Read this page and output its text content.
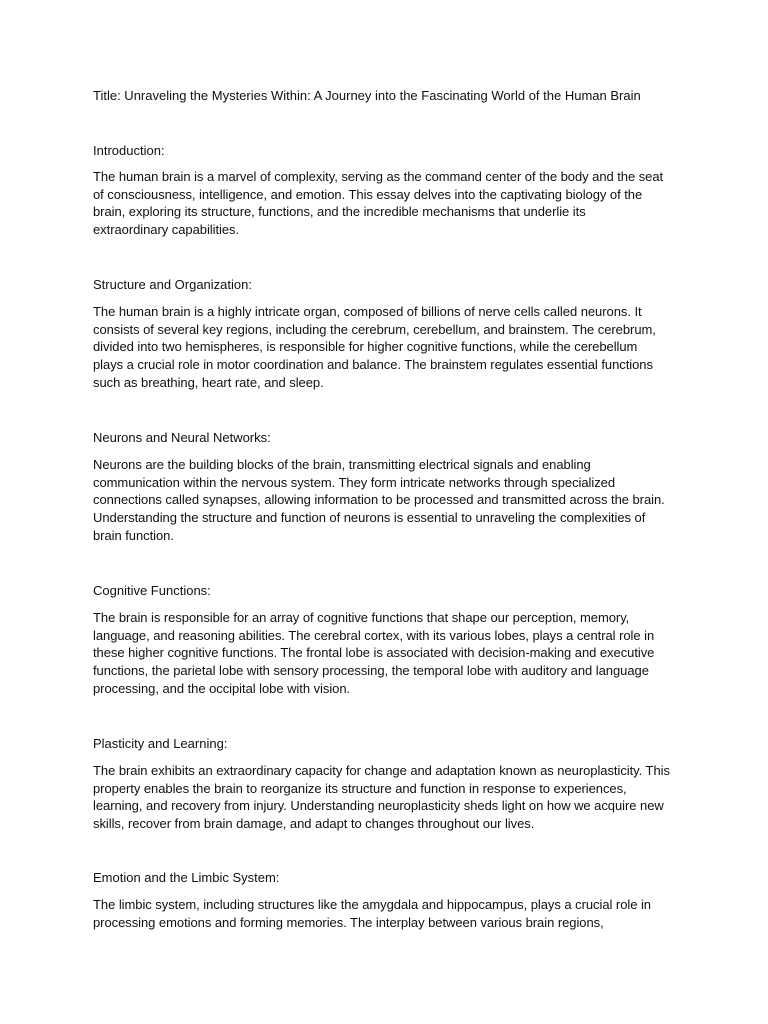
Title: Unraveling the Mysteries Within: A Journey into the Fascinating World of the Human Brain

Introduction:

The human brain is a marvel of complexity, serving as the command center of the body and the seat
of consciousness, intelligence, and emotion. This essay delves into the captivating biology of the
brain, exploring its structure, functions, and the incredible mechanisms that underlie its
extraordinary capabilities.

Structure and Organization:

The human brain is a highly intricate organ, composed of billions of nerve cells called neurons. It
consists of several key regions, including the cerebrum, cerebellum, and brainstem. The cerebrum,
divided into two hemispheres, is responsible for higher cognitive functions, while the cerebellum
plays a crucial role in motor coordination and balance. The brainstem regulates essential functions
such as breathing, heart rate, and sleep.

Neurons and Neural Networks:

Neurons are the building blocks of the brain, transmitting electrical signals and enabling
communication within the nervous system. They form intricate networks through specialized
connections called synapses, allowing information to be processed and transmitted across the brain.
Understanding the structure and function of neurons is essential to unraveling the complexities of
brain function.

Cognitive Functions:

The brain is responsible for an array of cognitive functions that shape our perception, memory,
language, and reasoning abilities. The cerebral cortex, with its various lobes, plays a central role in
these higher cognitive functions. The frontal lobe is associated with decision-making and executive
functions, the parietal lobe with sensory processing, the temporal lobe with auditory and language
processing, and the occipital lobe with vision.

Plasticity and Learning:

The brain exhibits an extraordinary capacity for change and adaptation known as neuroplasticity. This
property enables the brain to reorganize its structure and function in response to experiences,
learning, and recovery from injury. Understanding neuroplasticity sheds light on how we acquire new
skills, recover from brain damage, and adapt to changes throughout our lives.

Emotion and the Limbic System:

The limbic system, including structures like the amygdala and hippocampus, plays a crucial role in
processing emotions and forming memories. The interplay between various brain regions,
